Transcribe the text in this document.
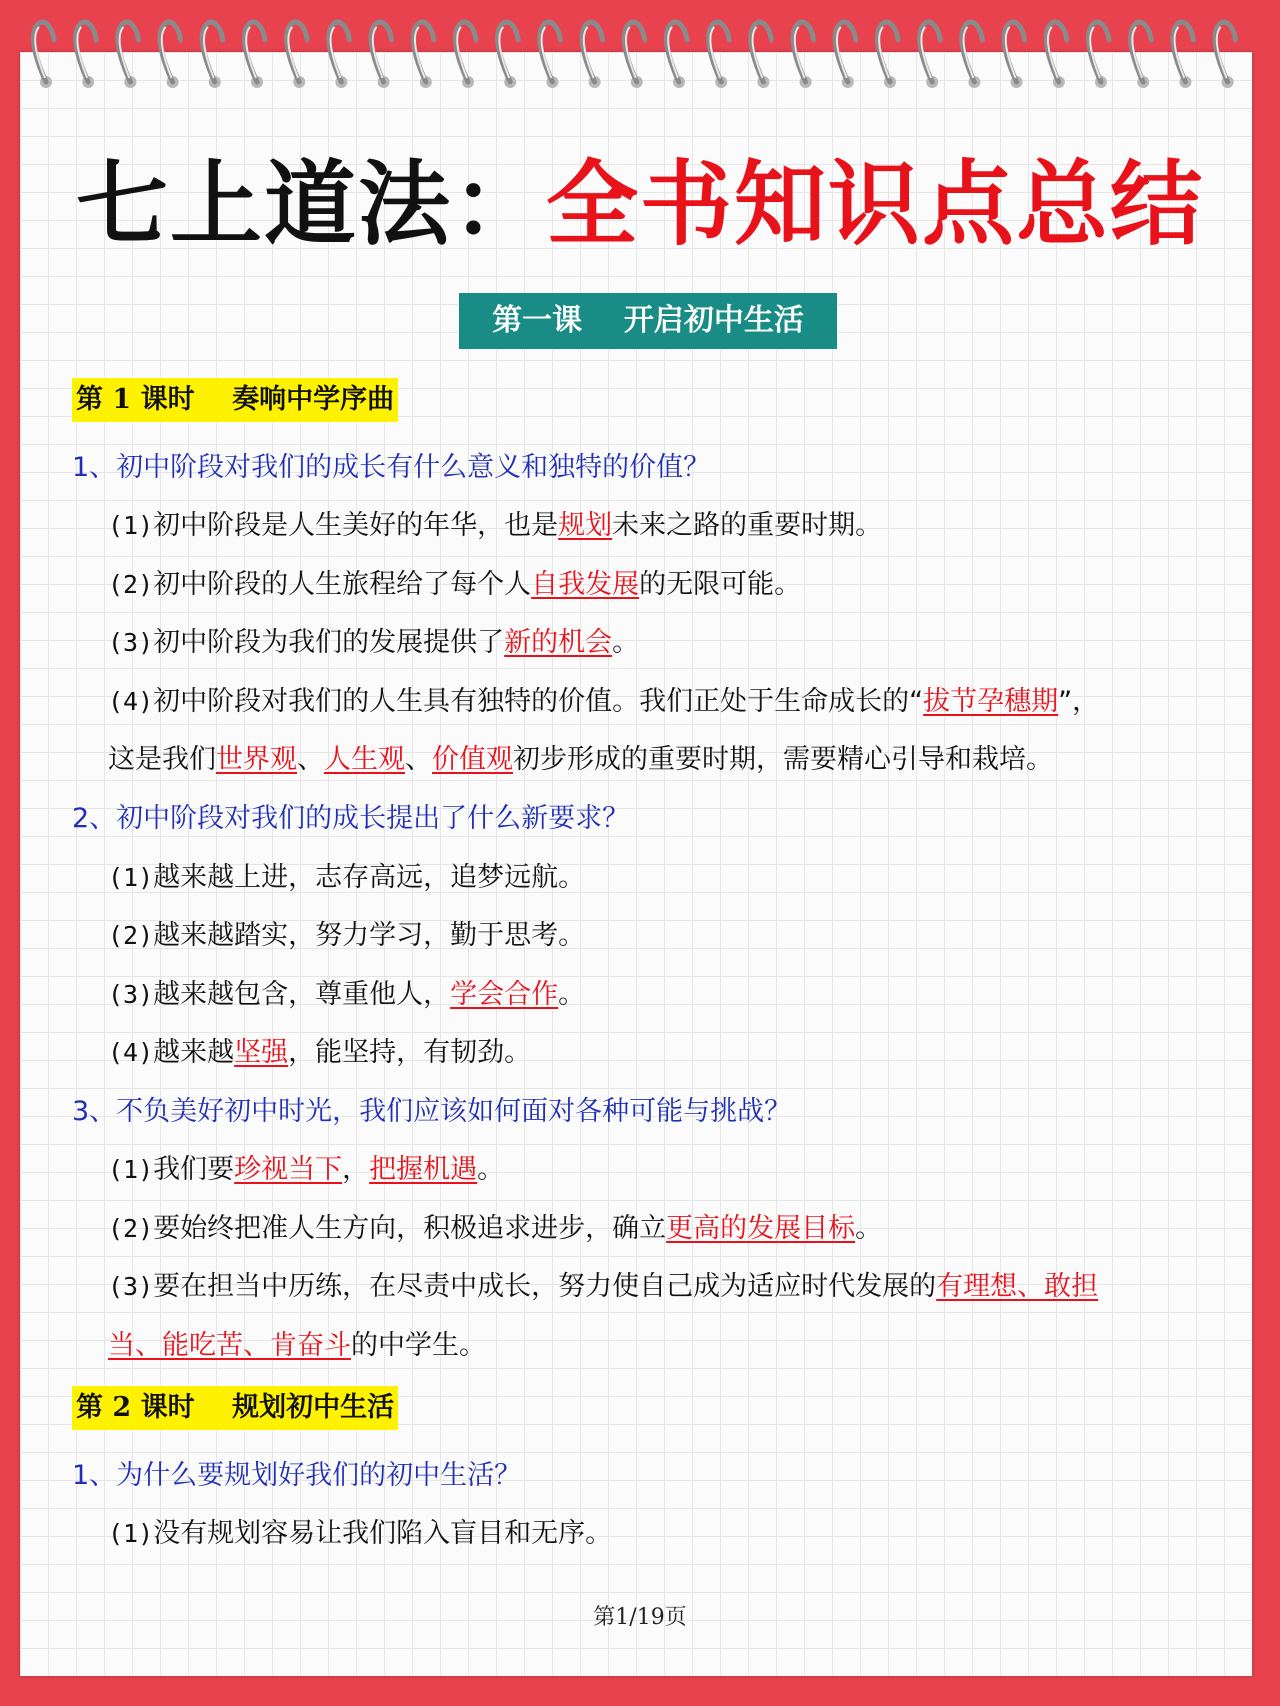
七上道法：全书知识点总结
第一课    开启初中生活
第 1 课时    奏响中学序曲
1、初中阶段对我们的成长有什么意义和独特的价值？
(1)初中阶段是人生美好的年华，也是规划未来之路的重要时期。
(2)初中阶段的人生旅程给了每个人自我发展的无限可能。
(3)初中阶段为我们的发展提供了新的机会。
(4)初中阶段对我们的人生具有独特的价值。我们正处于生命成长的“拔节孕穗期”，
这是我们世界观、人生观、价值观初步形成的重要时期，需要精心引导和栽培。
2、初中阶段对我们的成长提出了什么新要求？
(1)越来越上进，志存高远，追梦远航。
(2)越来越踏实，努力学习，勤于思考。
(3)越来越包含，尊重他人，学会合作。
(4)越来越坚强，能坚持，有韧劲。
3、不负美好初中时光，我们应该如何面对各种可能与挑战？
(1)我们要珍视当下，把握机遇。
(2)要始终把准人生方向，积极追求进步，确立更高的发展目标。
(3)要在担当中历练，在尽责中成长，努力使自己成为适应时代发展的有理想、敢担
当、能吃苦、肯奋斗的中学生。
第 2 课时    规划初中生活
1、为什么要规划好我们的初中生活？
(1)没有规划容易让我们陷入盲目和无序。
第1/19页
